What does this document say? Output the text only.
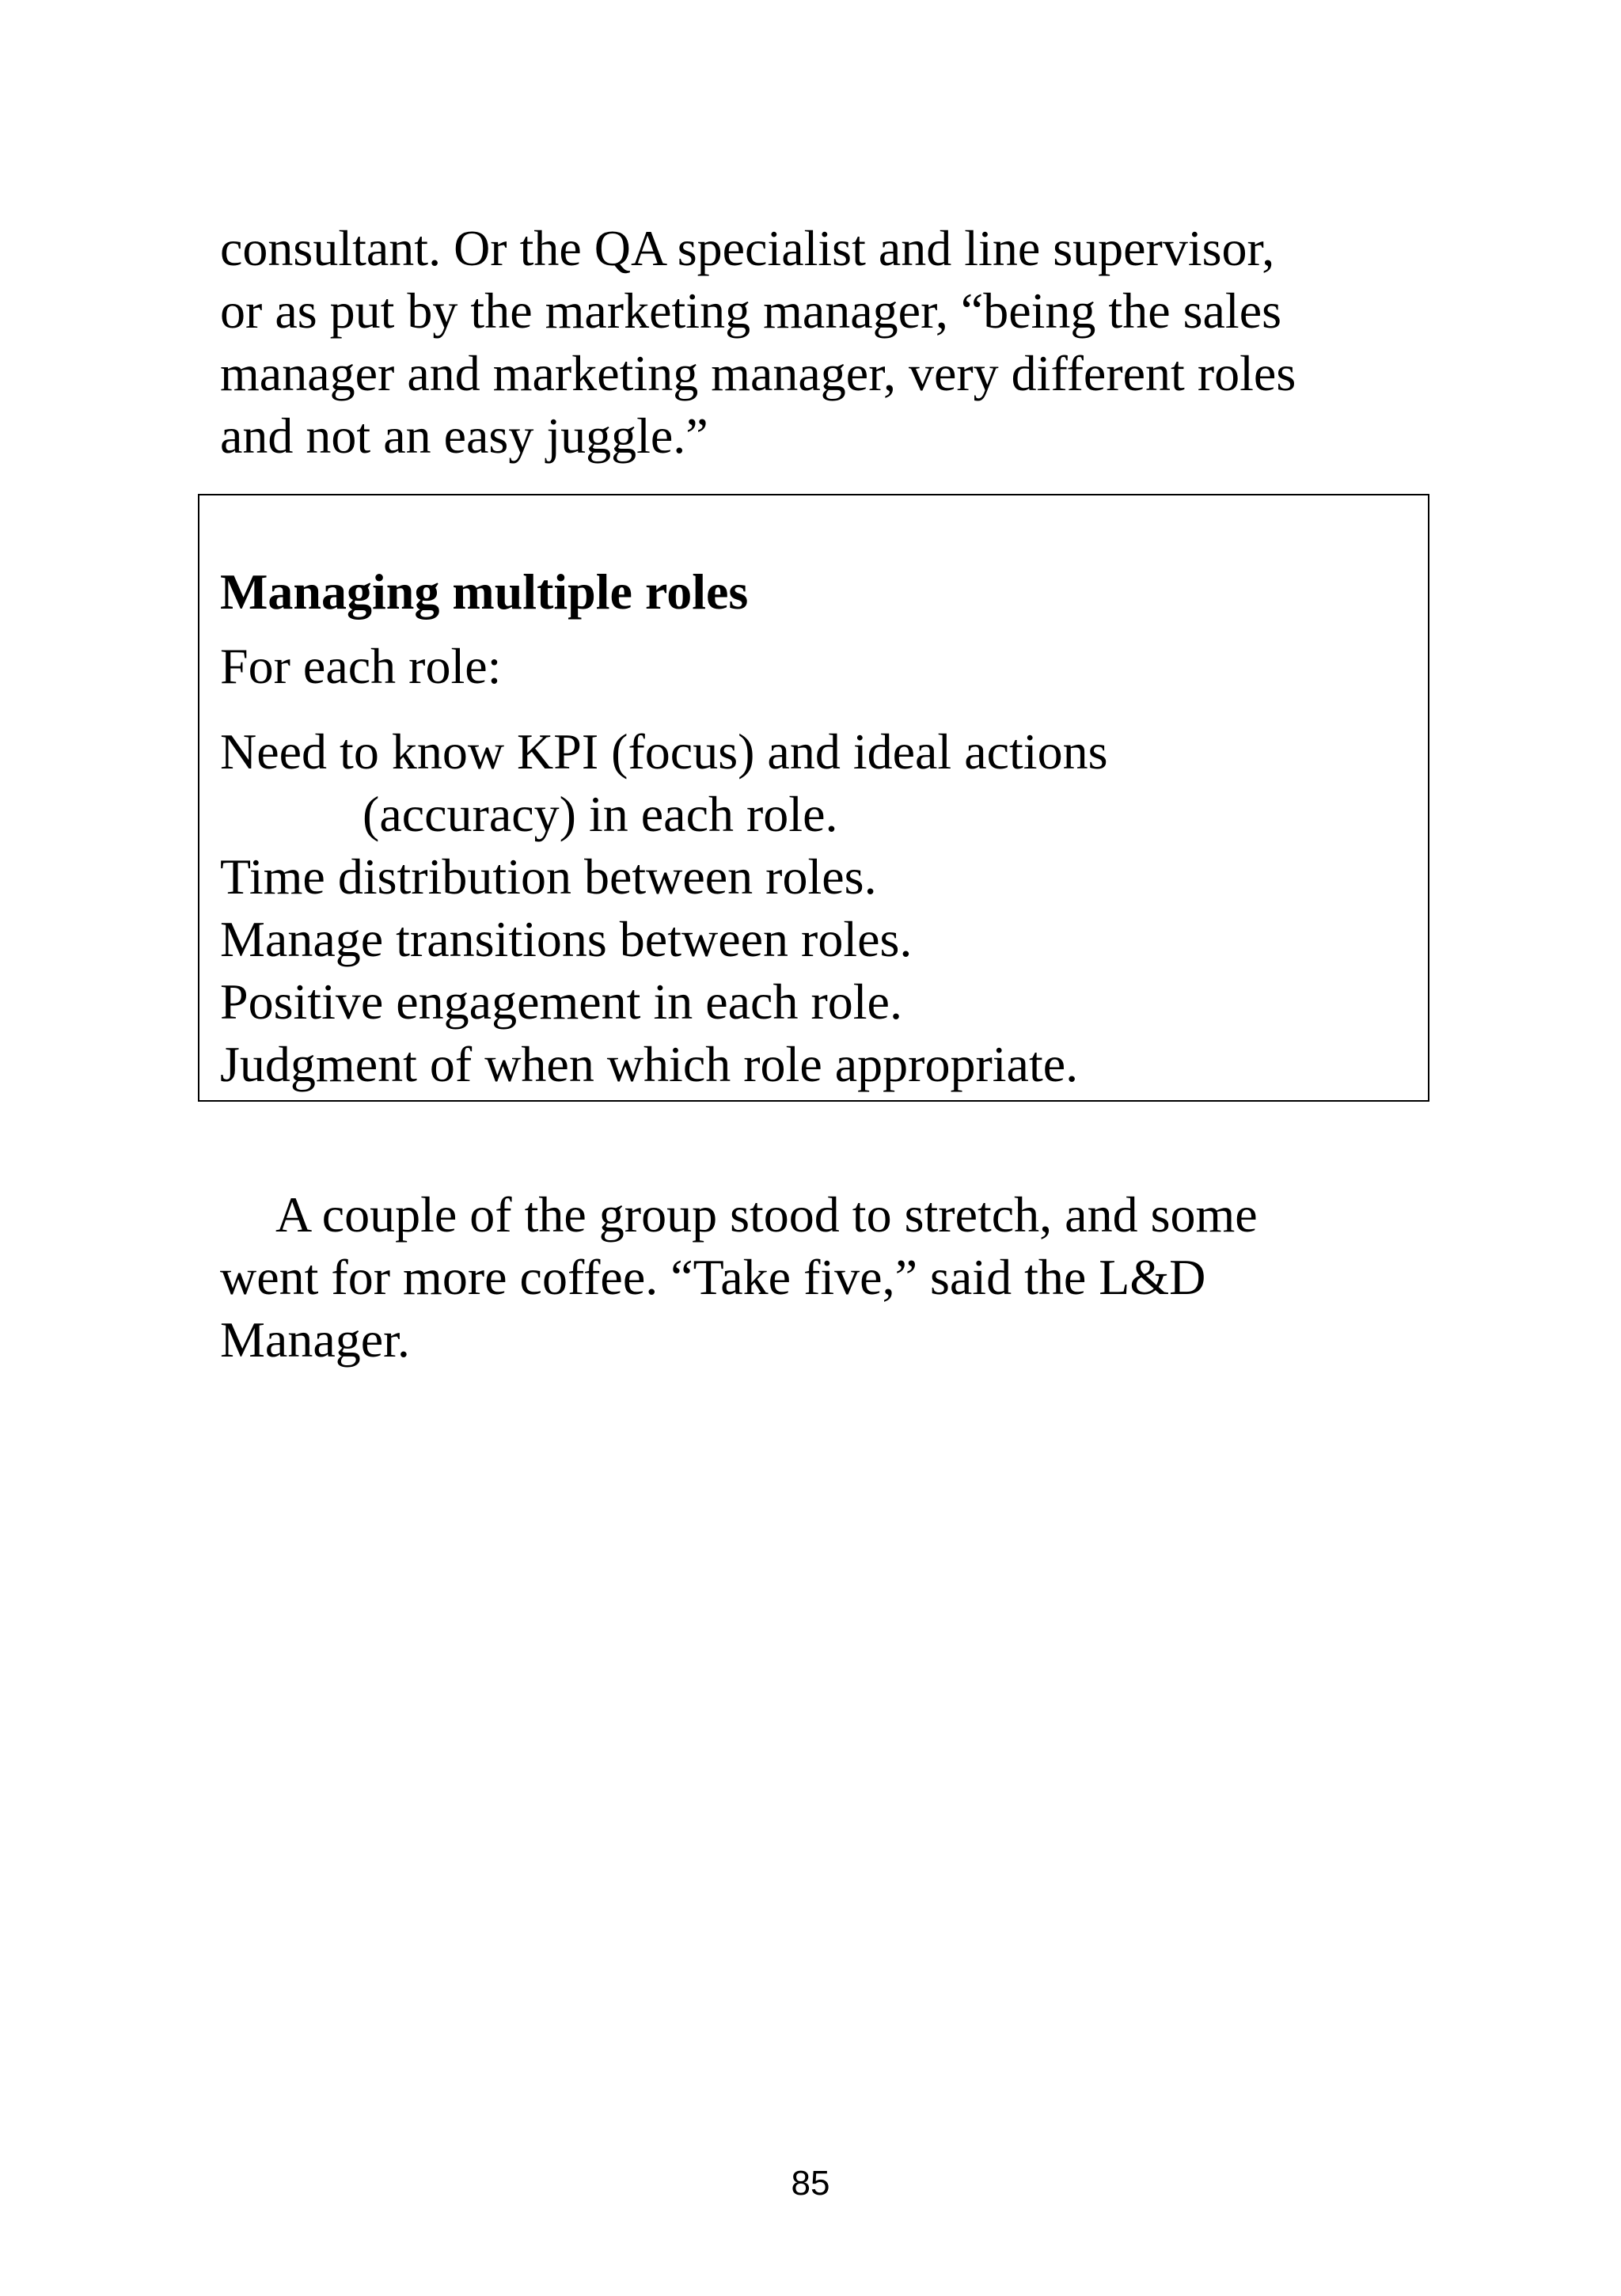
consultant. Or the QA specialist and line supervisor,
or as put by the marketing manager, “being the sales
manager and marketing manager, very different roles
and not an easy juggle.”

Managing multiple roles

For each role:

Need to know KPI (focus) and ideal actions
(accuracy) in each role.
Time distribution between roles.
Manage transitions between roles.
Positive engagement in each role.
Judgment of when which role appropriate.

A couple of the group stood to stretch, and some
went for more coffee. “Take five,” said the L&D
Manager.

85
